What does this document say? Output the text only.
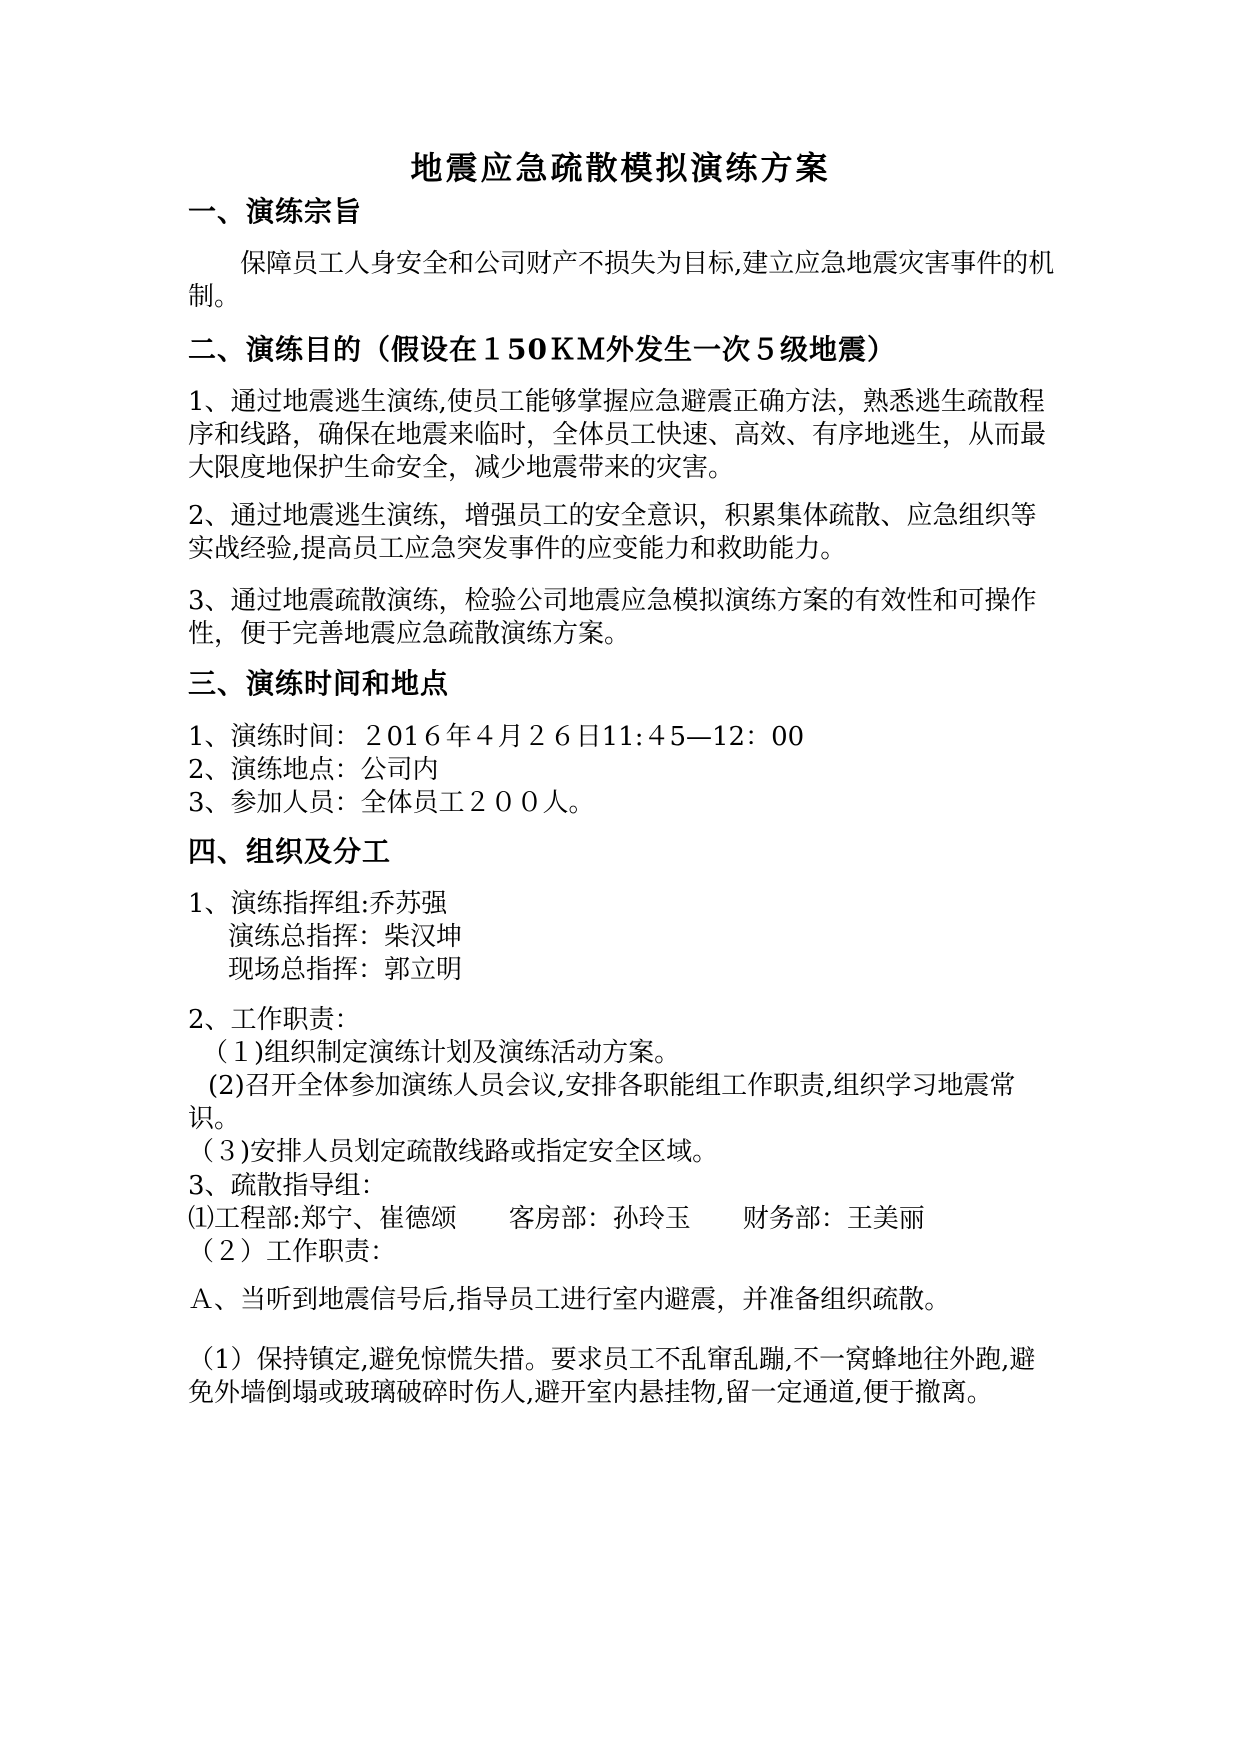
地震应急疏散模拟演练方案
一、演练宗旨

保障员工人身安全和公司财产不损失为目标,建立应急地震灾害事件的机制。

二、演练目的（假设在１50ＫＭ外发生一次５级地震）

1、通过地震逃生演练,使员工能够掌握应急避震正确方法，熟悉逃生疏散程序和线路，确保在地震来临时，全体员工快速、高效、有序地逃生，从而最大限度地保护生命安全，减少地震带来的灾害。

2、通过地震逃生演练，增强员工的安全意识，积累集体疏散、应急组织等实战经验,提高员工应急突发事件的应变能力和救助能力。

3、通过地震疏散演练，检验公司地震应急模拟演练方案的有效性和可操作性，便于完善地震应急疏散演练方案。

三、演练时间和地点
1、演练时间：２01６年４月２６日11:４5—12：00
2、演练地点：公司内
3、参加人员：全体员工２００人。
四、组织及分工
1、演练指挥组:乔苏强
演练总指挥：柴汉坤
现场总指挥：郭立明
2、工作职责：
（１)组织制定演练计划及演练活动方案。
(2)召开全体参加演练人员会议,安排各职能组工作职责,组织学习地震常识。
（３)安排人员划定疏散线路或指定安全区域。
3、疏散指导组：
⑴工程部:郑宁、崔德颂　　客房部：孙玲玉　　财务部：王美丽
（２）工作职责：

Ａ、当听到地震信号后,指导员工进行室内避震，并准备组织疏散。

（1）保持镇定,避免惊慌失措。要求员工不乱窜乱蹦,不一窝蜂地往外跑,避免外墙倒塌或玻璃破碎时伤人,避开室内悬挂物,留一定通道,便于撤离。
